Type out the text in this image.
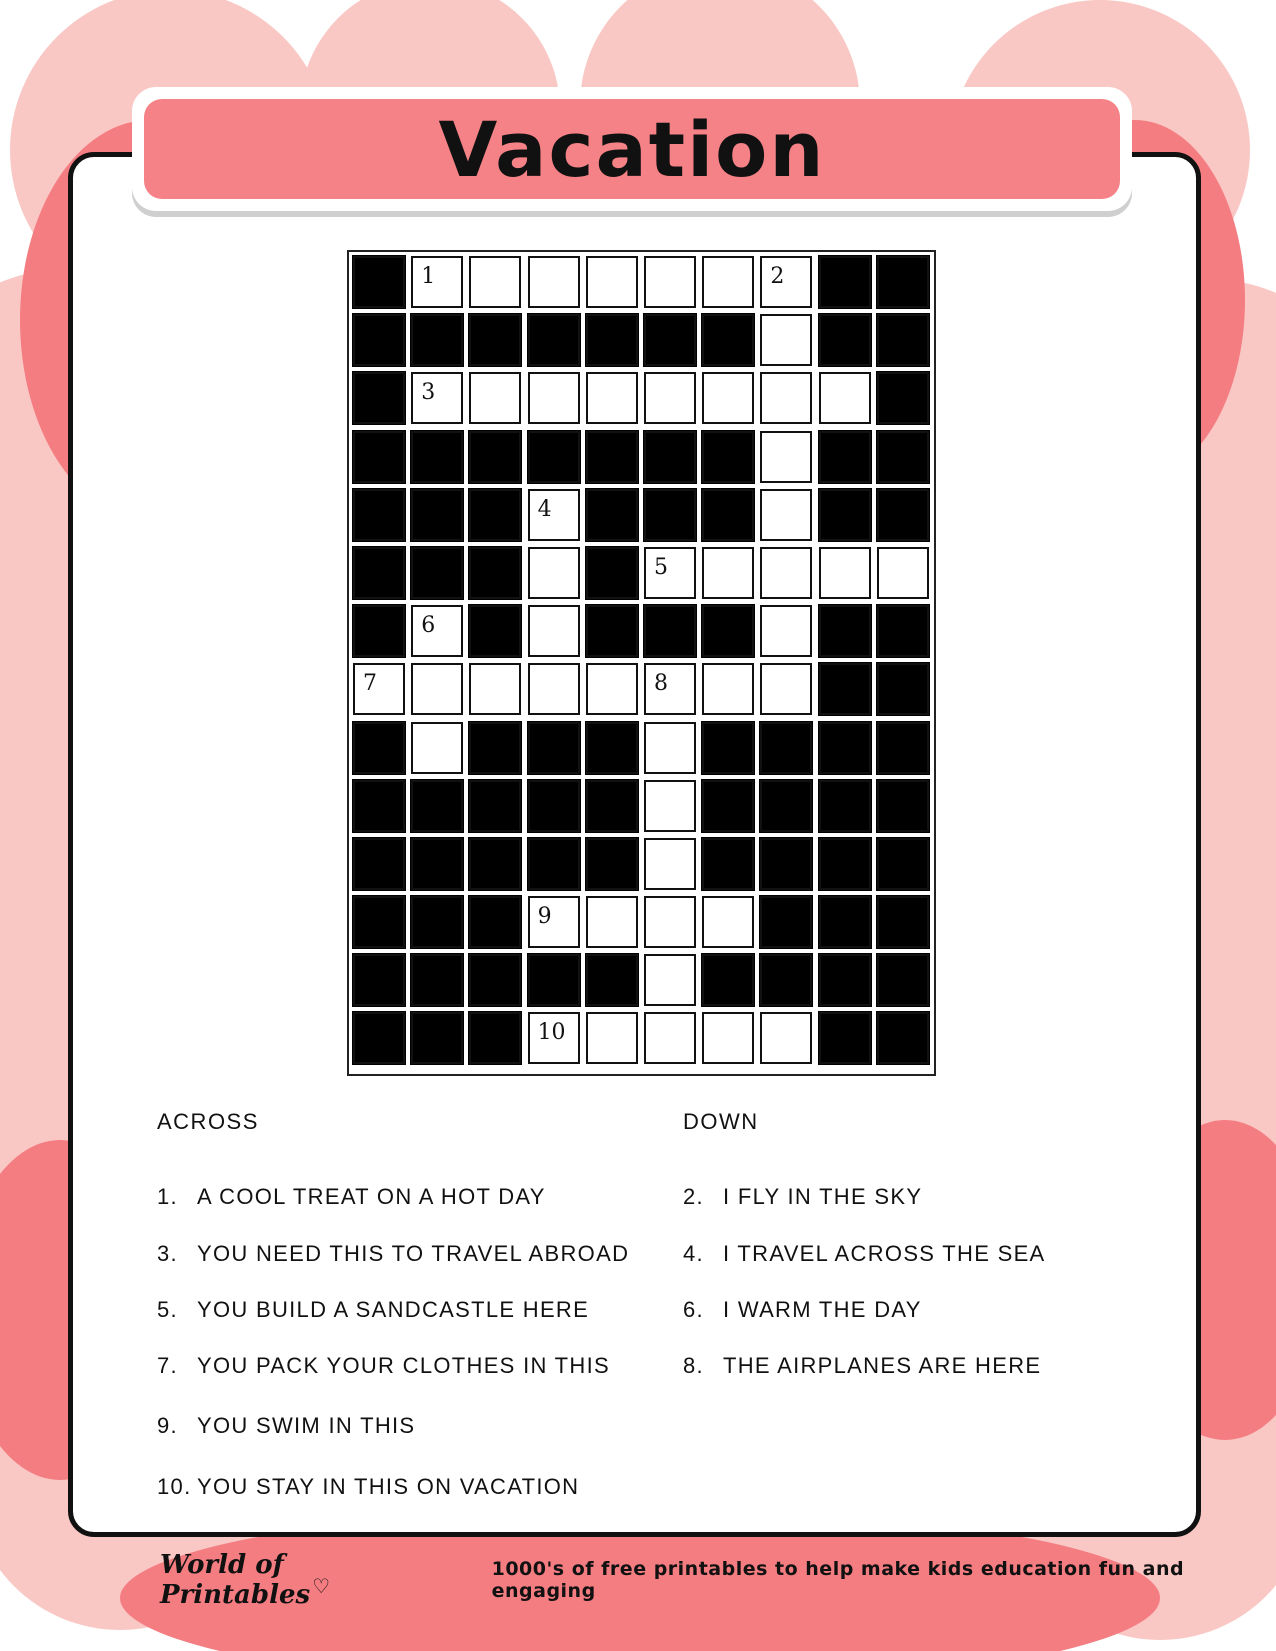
Vacation
1	2
3
4
5
6
7	8
9
10
ACROSS	DOWN
1. A COOL TREAT ON A HOT DAY
3. YOU NEED THIS TO TRAVEL ABROAD
5. YOU BUILD A SANDCASTLE HERE
7. YOU PACK YOUR CLOTHES IN THIS
9. YOU SWIM IN THIS
10. YOU STAY IN THIS ON VACATION
2. I FLY IN THE SKY
4. I TRAVEL ACROSS THE SEA
6. I WARM THE DAY
8. THE AIRPLANES ARE HERE
World of Printables ♡
1000's of free printables to help make kids education fun and engaging
